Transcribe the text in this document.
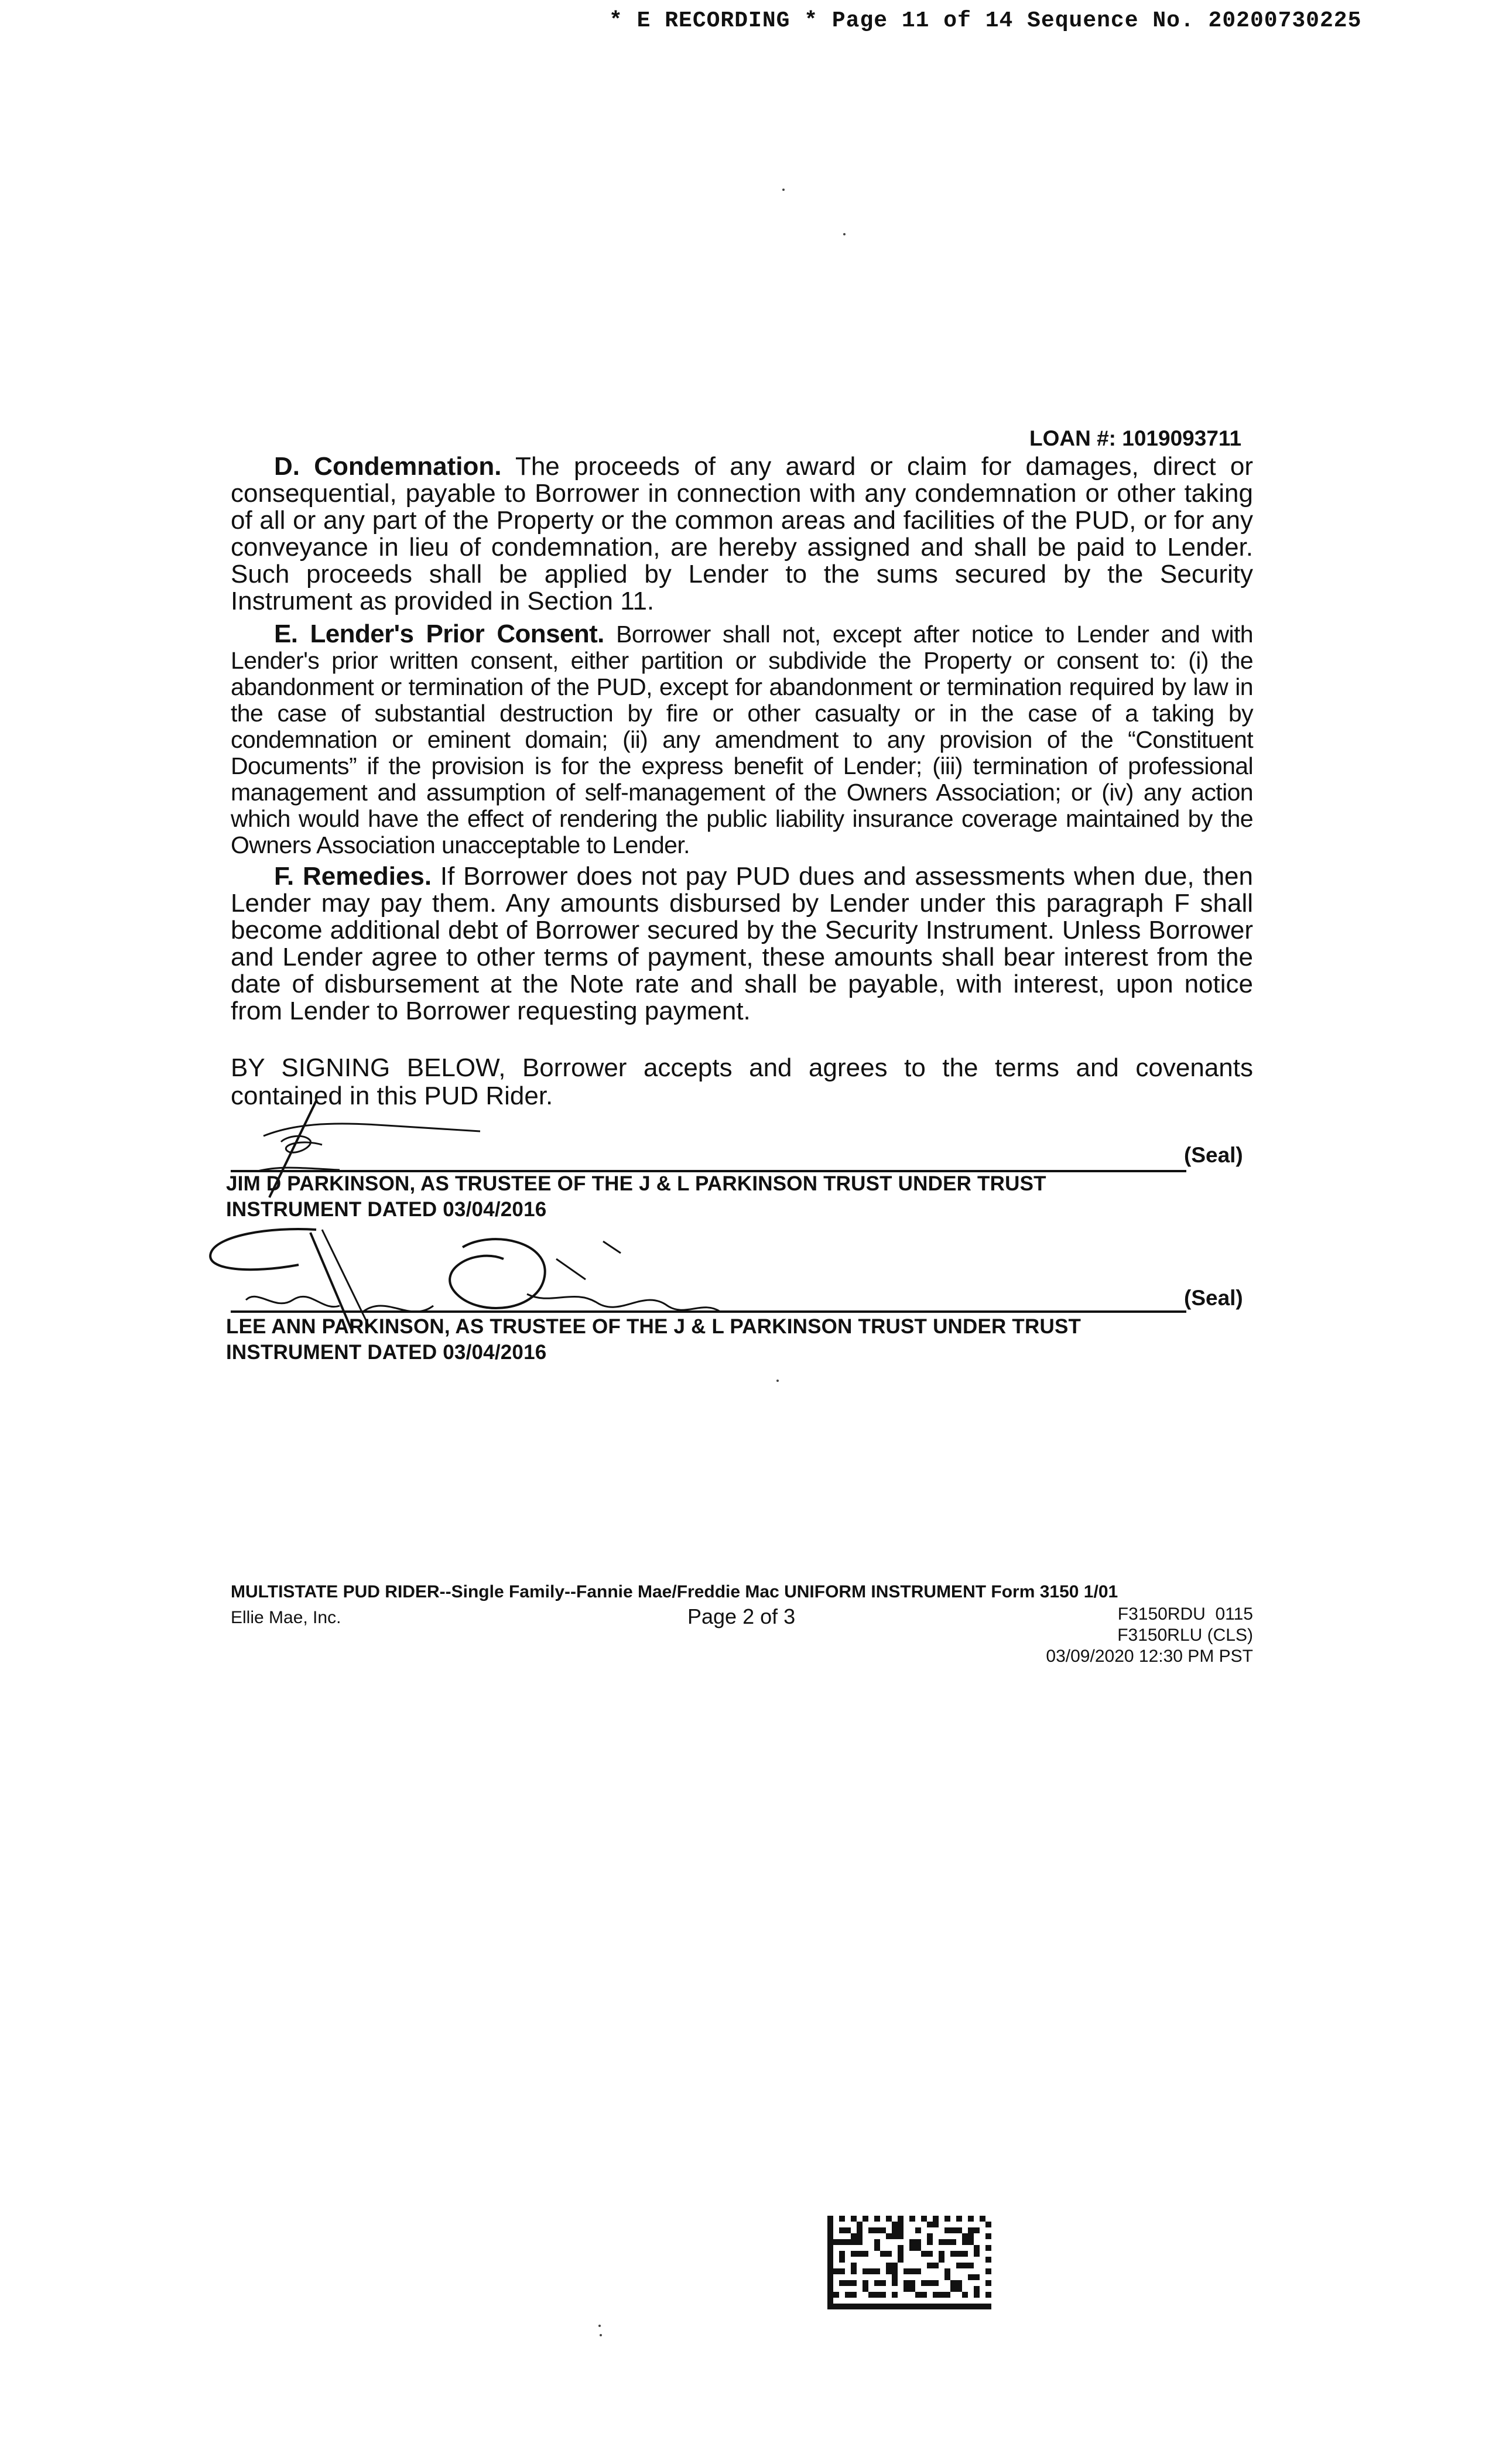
* E RECORDING * Page 11 of 14 Sequence No. 20200730225
LOAN #: 1019093711

D. Condemnation. The proceeds of any award or claim for damages, direct or consequential, payable to Borrower in connection with any condemnation or other taking of all or any part of the Property or the common areas and facilities of the PUD, or for any conveyance in lieu of condemnation, are hereby assigned and shall be paid to Lender. Such proceeds shall be applied by Lender to the sums secured by the Security Instrument as provided in Section 11.

E. Lender's Prior Consent. Borrower shall not, except after notice to Lender and with Lender's prior written consent, either partition or subdivide the Property or consent to: (i) the abandonment or termination of the PUD, except for abandonment or termination required by law in the case of substantial destruction by fire or other casualty or in the case of a taking by condemnation or eminent domain; (ii) any amendment to any provision of the “Constituent Documents” if the provision is for the express benefit of Lender; (iii) termination of professional management and assumption of self-management of the Owners Association; or (iv) any action which would have the effect of rendering the public liability insurance coverage maintained by the Owners Association unacceptable to Lender.

F. Remedies. If Borrower does not pay PUD dues and assessments when due, then Lender may pay them. Any amounts disbursed by Lender under this paragraph F shall become additional debt of Borrower secured by the Security Instrument. Unless Borrower and Lender agree to other terms of payment, these amounts shall bear interest from the date of disbursement at the Note rate and shall be payable, with interest, upon notice from Lender to Borrower requesting payment.

BY SIGNING BELOW, Borrower accepts and agrees to the terms and covenants contained in this PUD Rider.

(Seal)
JIM D PARKINSON, AS TRUSTEE OF THE J & L PARKINSON TRUST UNDER TRUST
INSTRUMENT DATED 03/04/2016
(Seal)
LEE ANN PARKINSON, AS TRUSTEE OF THE J & L PARKINSON TRUST UNDER TRUST
INSTRUMENT DATED 03/04/2016
MULTISTATE PUD RIDER--Single Family--Fannie Mae/Freddie Mac UNIFORM INSTRUMENT Form 3150 1/01
Ellie Mae, Inc.	Page 2 of 3	F3150RDU  0115
F3150RLU (CLS)
03/09/2020 12:30 PM PST
